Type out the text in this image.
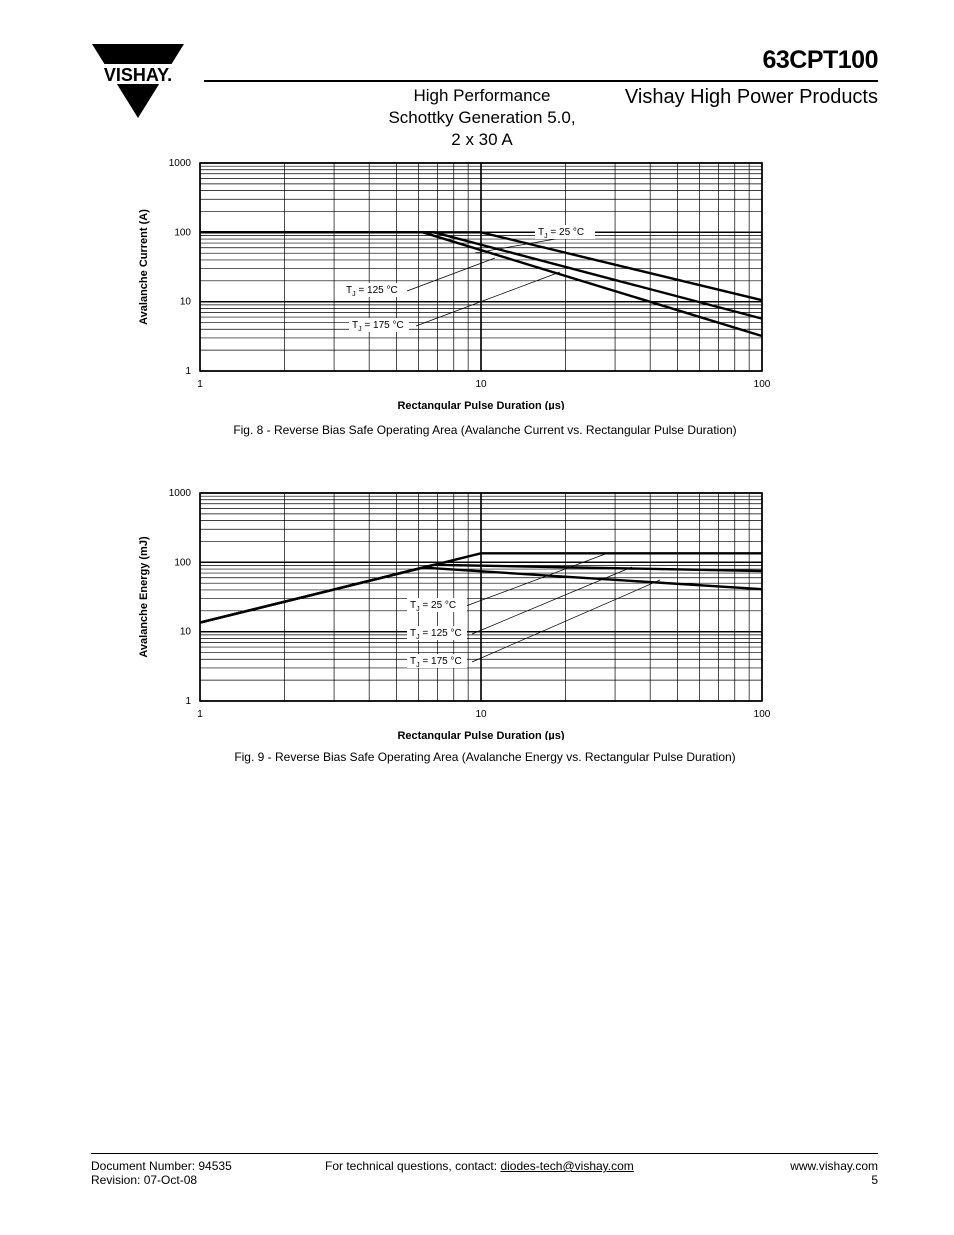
VISHAY.
63CPT100
Vishay High Power Products
High Performance
Schottky Generation 5.0,
2 x 30 A
1	10	100
1
10
100
1000
Rectangular Pulse Duration (µs)
Avalanche Current (A)	$T_J = 25$ °C
$T_J = 125$ °C
$T_J = 175$ °C
Fig. 8 - Reverse Bias Safe Operating Area (Avalanche Current vs. Rectangular Pulse Duration)
1	10	100
1
10
100
1000
Rectangular Pulse Duration (µs)
Avalanche Energy (mJ)	$T_J = 25$ °C
$T_J = 125$ °C
$T_J = 175$ °C
Fig. 9 - Reverse Bias Safe Operating Area (Avalanche Energy vs. Rectangular Pulse Duration)
Document Number: 94535
Revision: 07-Oct-08
For technical questions, contact: diodes-tech@vishay.com	www.vishay.com
5
